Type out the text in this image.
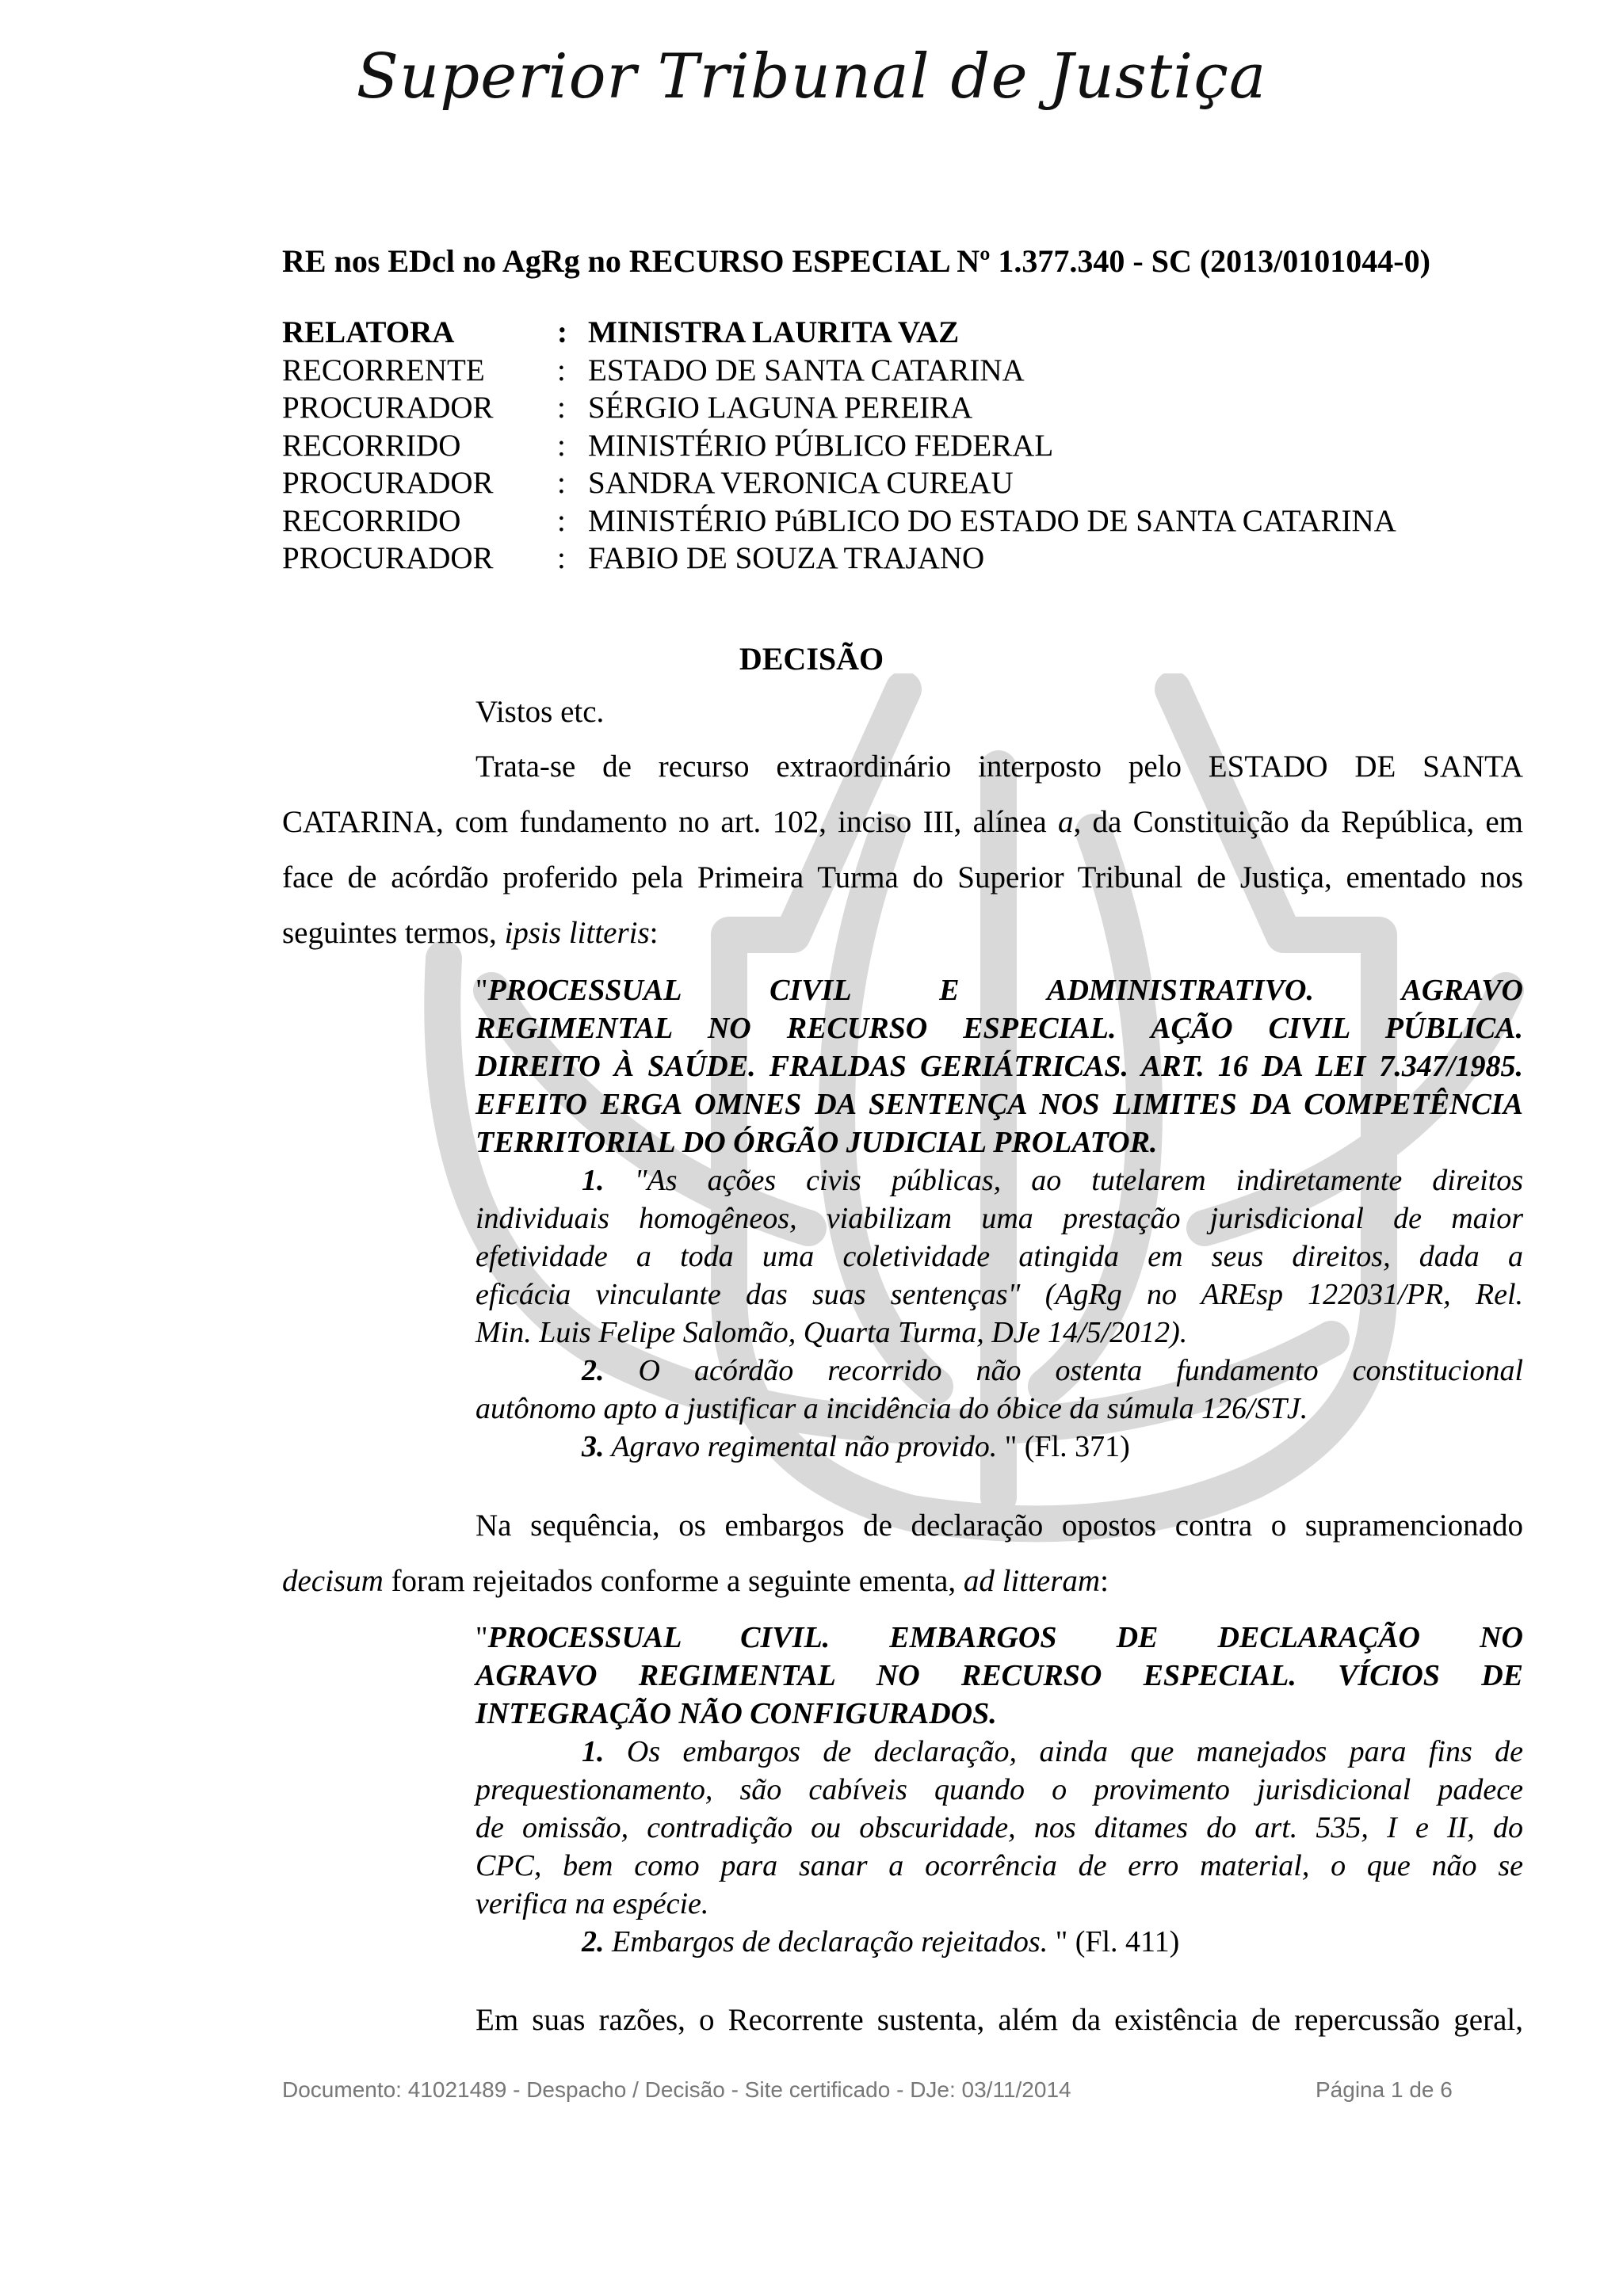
Superior Tribunal de Justiça
RE nos EDcl no AgRg no RECURSO ESPECIAL Nº 1.377.340 - SC (2013/0101044-0)
RELATORA	: MINISTRA LAURITA VAZ
RECORRENTE : ESTADO DE SANTA CATARINA
PROCURADOR : SÉRGIO LAGUNA PEREIRA
RECORRIDO	: MINISTÉRIO PÚBLICO FEDERAL
PROCURADOR : SANDRA VERONICA CUREAU
RECORRIDO	: MINISTÉRIO PúBLICO DO ESTADO DE SANTA CATARINA
PROCURADOR : FABIO DE SOUZA TRAJANO
DECISÃO
Vistos etc.
Trata-se de recurso extraordinário interposto pelo ESTADO DE SANTA
CATARINA, com fundamento no art. 102, inciso III, alínea a, da Constituição da República, em
face de acórdão proferido pela Primeira Turma do Superior Tribunal de Justiça, ementado nos
seguintes termos, ipsis litteris:
"PROCESSUAL CIVIL E ADMINISTRATIVO. AGRAVO
REGIMENTAL NO RECURSO ESPECIAL. AÇÃO CIVIL PÚBLICA.
DIREITO À SAÚDE. FRALDAS GERIÁTRICAS. ART. 16 DA LEI 7.347/1985.
EFEITO ERGA OMNES DA SENTENÇA NOS LIMITES DA COMPETÊNCIA
TERRITORIAL DO ÓRGÃO JUDICIAL PROLATOR.
1. "As ações civis públicas, ao tutelarem indiretamente direitos
individuais homogêneos, viabilizam uma prestação jurisdicional de maior
efetividade a toda uma coletividade atingida em seus direitos, dada a
eficácia vinculante das suas sentenças" (AgRg no AREsp 122031/PR, Rel.
Min. Luis Felipe Salomão, Quarta Turma, DJe 14/5/2012).
2. O acórdão recorrido não ostenta fundamento constitucional
autônomo apto a justificar a incidência do óbice da súmula 126/STJ.
3. Agravo regimental não provido. " (Fl. 371)
Na sequência, os embargos de declaração opostos contra o supramencionado
decisum foram rejeitados conforme a seguinte ementa, ad litteram:
"PROCESSUAL CIVIL. EMBARGOS DE DECLARAÇÃO NO
AGRAVO REGIMENTAL NO RECURSO ESPECIAL. VÍCIOS DE
INTEGRAÇÃO NÃO CONFIGURADOS.
1. Os embargos de declaração, ainda que manejados para fins de
prequestionamento, são cabíveis quando o provimento jurisdicional padece
de omissão, contradição ou obscuridade, nos ditames do art. 535, I e II, do
CPC, bem como para sanar a ocorrência de erro material, o que não se
verifica na espécie.
2. Embargos de declaração rejeitados. " (Fl. 411)
Em suas razões, o Recorrente sustenta, além da existência de repercussão geral,
Documento: 41021489 - Despacho / Decisão - Site certificado - DJe: 03/11/2014	Página 1 de 6
